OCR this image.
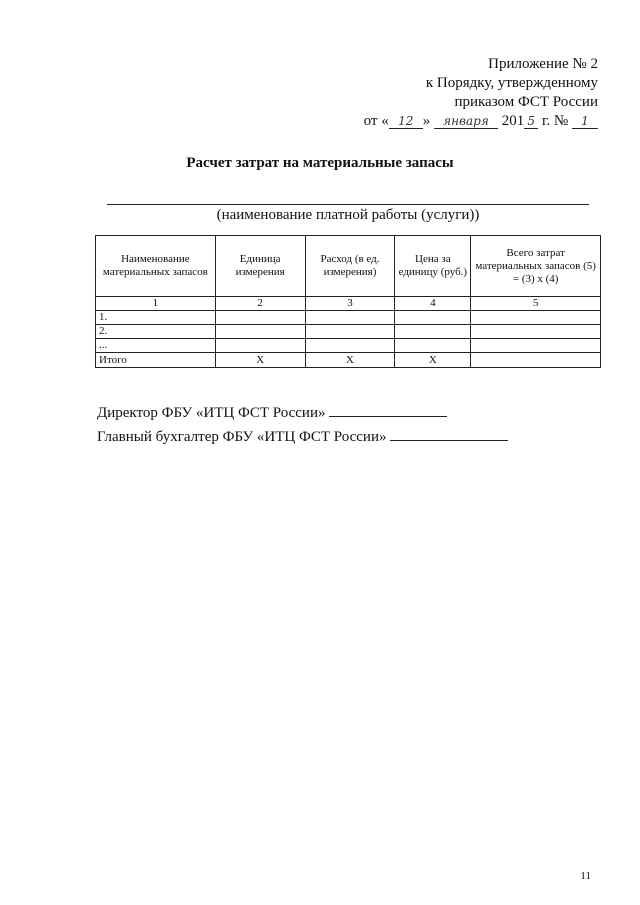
Приложение № 2
к Порядку, утвержденному
приказом ФСТ России
от « 12 » января 201 5 г. № 1
Расчет затрат на материальные запасы
(наименование платной работы (услуги))
Наименование материальных запасов	Единица измерения	Расход (в ед. измерения)	Цена за единицу (руб.)	Всего затрат материальных запасов (5) = (3) х (4)
1	2	3	4	5
1.				
2.				
...				
Итого	Х	Х	Х	
Директор ФБУ «ИТЦ ФСТ России»
Главный бухгалтер ФБУ «ИТЦ ФСТ России»
11
